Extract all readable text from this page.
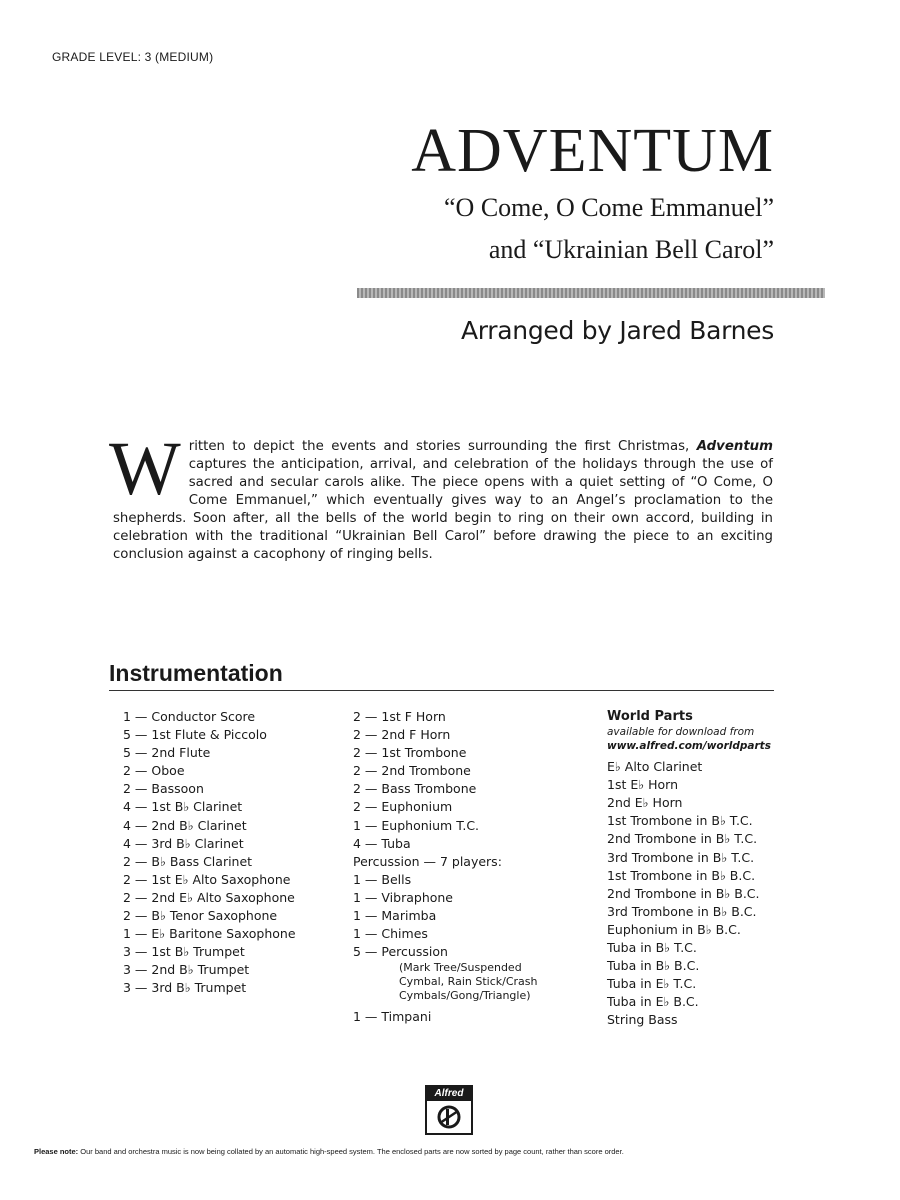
GRADE LEVEL: 3 (MEDIUM)
ADVENTUM
“O Come, O Come Emmanuel”
and “Ukrainian Bell Carol”
Arranged by Jared Barnes
Written to depict the events and stories surrounding the first Christmas, Adventum captures the anticipation, arrival, and celebration of the holidays through the use of sacred and secular carols alike. The piece opens with a quiet setting of “O Come, O Come Emmanuel,” which eventually gives way to an Angel’s proclamation to the shepherds. Soon after, all the bells of the world begin to ring on their own accord, building in celebration with the traditional “Ukrainian Bell Carol” before drawing the piece to an exciting conclusion against a cacophony of ringing bells.
Instrumentation
1 — Conductor Score
5 — 1st Flute & Piccolo
5 — 2nd Flute
2 — Oboe
2 — Bassoon
4 — 1st B♭ Clarinet
4 — 2nd B♭ Clarinet
4 — 3rd B♭ Clarinet
2 — B♭ Bass Clarinet
2 — 1st E♭ Alto Saxophone
2 — 2nd E♭ Alto Saxophone
2 — B♭ Tenor Saxophone
1 — E♭ Baritone Saxophone
3 — 1st B♭ Trumpet
3 — 2nd B♭ Trumpet
3 — 3rd B♭ Trumpet
2 — 1st F Horn
2 — 2nd F Horn
2 — 1st Trombone
2 — 2nd Trombone
2 — Bass Trombone
2 — Euphonium
1 — Euphonium T.C.
4 — Tuba
Percussion — 7 players:
1 — Bells
1 — Vibraphone
1 — Marimba
1 — Chimes
5 — Percussion
(Mark Tree/Suspended Cymbal, Rain Stick/Crash Cymbals/Gong/Triangle)
1 — Timpani
World Parts
available for download from
www.alfred.com/worldparts
E♭ Alto Clarinet
1st E♭ Horn
2nd E♭ Horn
1st Trombone in B♭ T.C.
2nd Trombone in B♭ T.C.
3rd Trombone in B♭ T.C.
1st Trombone in B♭ B.C.
2nd Trombone in B♭ B.C.
3rd Trombone in B♭ B.C.
Euphonium in B♭ B.C.
Tuba in B♭ T.C.
Tuba in B♭ B.C.
Tuba in E♭ T.C.
Tuba in E♭ B.C.
String Bass
Alfred
Please note: Our band and orchestra music is now being collated by an automatic high-speed system. The enclosed parts are now sorted by page count, rather than score order.
